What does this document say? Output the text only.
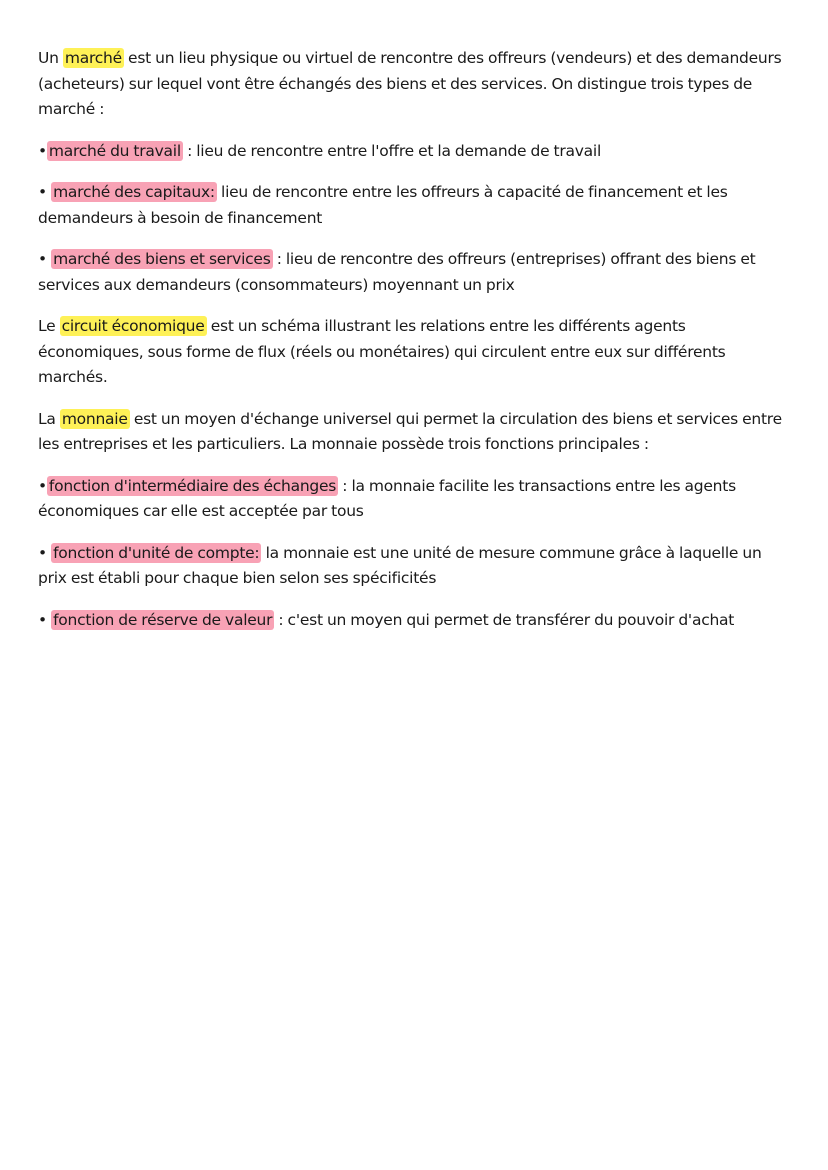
Un marché est un lieu physique ou virtuel de rencontre des offreurs (vendeurs) et des demandeurs (acheteurs) sur lequel vont être échangés des biens et des services. On distingue trois types de marché :

• marché du travail : lieu de rencontre entre l'offre et la demande de travail

• marché des capitaux: lieu de rencontre entre les offreurs à capacité de financement et les demandeurs à besoin de financement

• marché des biens et services : lieu de rencontre des offreurs (entreprises) offrant des biens et services aux demandeurs (consommateurs) moyennant un prix

Le circuit économique est un schéma illustrant les relations entre les différents agents économiques, sous forme de flux (réels ou monétaires) qui circulent entre eux sur différents marchés.

La monnaie est un moyen d'échange universel qui permet la circulation des biens et services entre les entreprises et les particuliers. La monnaie possède trois fonctions principales :

• fonction d'intermédiaire des échanges : la monnaie facilite les transactions entre les agents économiques car elle est acceptée par tous

• fonction d'unité de compte: la monnaie est une unité de mesure commune grâce à laquelle un prix est établi pour chaque bien selon ses spécificités

• fonction de réserve de valeur : c'est un moyen qui permet de transférer du pouvoir d'achat
